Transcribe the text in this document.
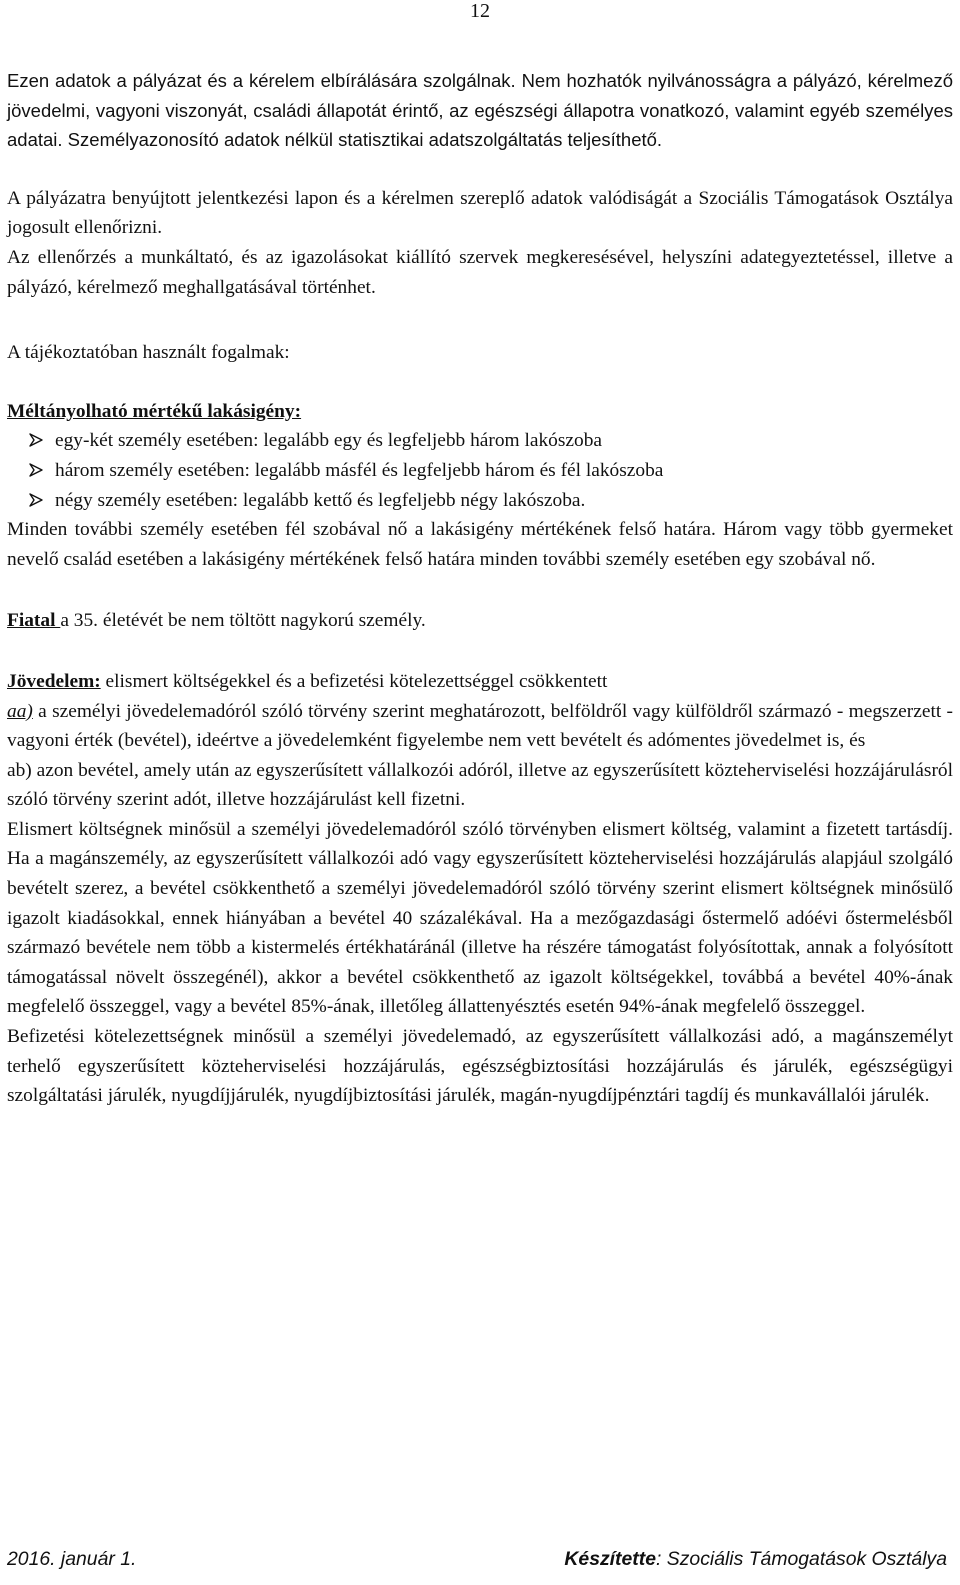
12

Ezen adatok a pályázat és a kérelem elbírálására szolgálnak. Nem hozhatók nyilvánosságra a pályázó, kérelmező jövedelmi, vagyoni viszonyát, családi állapotát érintő, az egészségi állapotra vonatkozó, valamint egyéb személyes adatai. Személyazonosító adatok nélkül statisztikai adatszolgáltatás teljesíthető.

A pályázatra benyújtott jelentkezési lapon és a kérelmen szereplő adatok valódiságát a Szociális Támogatások Osztálya jogosult ellenőrizni.

Az ellenőrzés a munkáltató, és az igazolásokat kiállító szervek megkeresésével, helyszíni adategyeztetéssel, illetve a pályázó, kérelmező meghallgatásával történhet.

A tájékoztatóban használt fogalmak:

Méltányolható mértékű lakásigény:

egy-két személy esetében: legalább egy és legfeljebb három lakószoba
három személy esetében: legalább másfél és legfeljebb három és fél lakószoba
négy személy esetében: legalább kettő és legfeljebb négy lakószoba.

Minden további személy esetében fél szobával nő a lakásigény mértékének felső határa. Három vagy több gyermeket nevelő család esetében a lakásigény mértékének felső határa minden további személy esetében egy szobával nő.

Fiatal a 35. életévét be nem töltött nagykorú személy.

Jövedelem: elismert költségekkel és a befizetési kötelezettséggel csökkentett

aa) a személyi jövedelemadóról szóló törvény szerint meghatározott, belföldről vagy külföldről származó - megszerzett - vagyoni érték (bevétel), ideértve a jövedelemként figyelembe nem vett bevételt és adómentes jövedelmet is, és

ab) azon bevétel, amely után az egyszerűsített vállalkozói adóról, illetve az egyszerűsített közteherviselési hozzájárulásról szóló törvény szerint adót, illetve hozzájárulást kell fizetni.

Elismert költségnek minősül a személyi jövedelemadóról szóló törvényben elismert költség, valamint a fizetett tartásdíj. Ha a magánszemély, az egyszerűsített vállalkozói adó vagy egyszerűsített közteherviselési hozzájárulás alapjául szolgáló bevételt szerez, a bevétel csökkenthető a személyi jövedelemadóról szóló törvény szerint elismert költségnek minősülő igazolt kiadásokkal, ennek hiányában a bevétel 40 százalékával. Ha a mezőgazdasági őstermelő adóévi őstermelésből származó bevétele nem több a kistermelés értékhatáránál (illetve ha részére támogatást folyósítottak, annak a folyósított támogatással növelt összegénél), akkor a bevétel csökkenthető az igazolt költségekkel, továbbá a bevétel 40%-ának megfelelő összeggel, vagy a bevétel 85%-ának, illetőleg állattenyésztés esetén 94%-ának megfelelő összeggel.

Befizetési kötelezettségnek minősül a személyi jövedelemadó, az egyszerűsített vállalkozási adó, a magánszemélyt terhelő egyszerűsített közteherviselési hozzájárulás, egészségbiztosítási hozzájárulás és járulék, egészségügyi szolgáltatási járulék, nyugdíjjárulék, nyugdíjbiztosítási járulék, magán-nyugdíjpénztári tagdíj és munkavállalói járulék.

2016. január 1.	Készítette: Szociális Támogatások Osztálya
